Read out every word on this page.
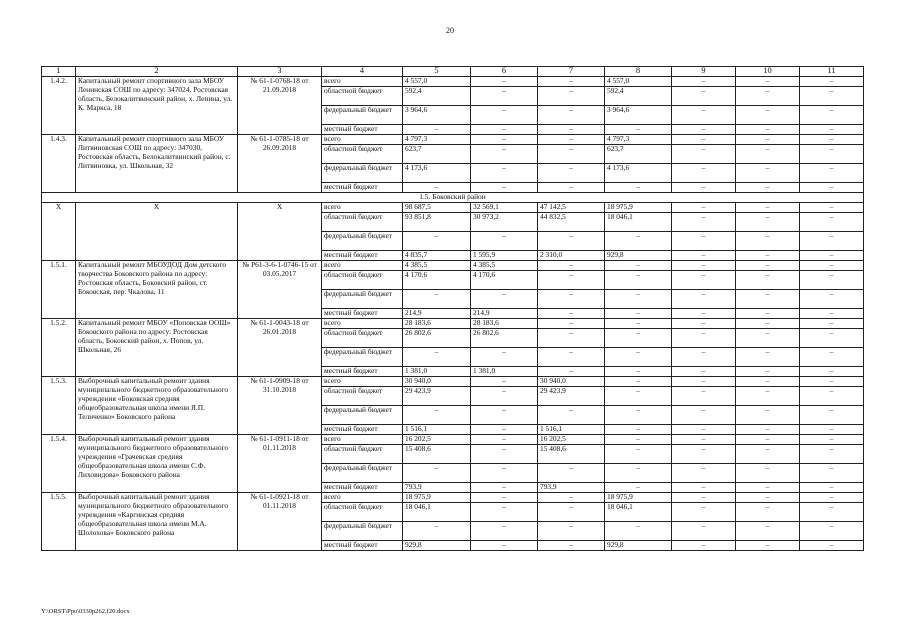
20
1	2	3	4	5	6	7	8	9	10	11
1.4.2.	Капитальный ремонт спортивного зала МБОУ Ленинская СОШ по адресу: 347024, Ростовская область, Белокалитвинский район, х. Ленина, ул. К. Маркса, 18	№ 61-1-0768-18 от 21.09.2018	всего	4 557,0	–	–	4 557,0	–	–	–
			областной бюджет	592,4	–	–	592,4	–	–	–
			федеральный бюджет	3 964,6	–	–	3 964,6	–	–	–
			местный бюджет	–	–	–	–	–	–	–
1.4.3.	Капитальный ремонт спортивного зала МБОУ Литвиновская СОШ по адресу: 347030, Ростовская область, Белокалитвинский район, с. Литвиновка, ул. Школьная, 32	№ 61-1-0785-18 от 26.09.2018	всего	4 797,3	–	–	4 797,3	–	–	–
			областной бюджет	623,7	–	–	623,7	–	–	–
			федеральный бюджет	4 173,6	–	–	4 173,6	–	–	–
			местный бюджет	–	–	–	–	–	–	–
1.5. Боковский район										
X	X	X	всего	98 687,5	32 569,1	47 142,5	18 975,9	–	–	–
			областной бюджет	93 851,8	30 973,2	44 832,5	18 046,1	–	–	–
			федеральный бюджет	–	–	–	–	–	–	–
			местный бюджет	4 835,7	1 595,9	2 310,0	929,8	–	–	–
1.5.1.	Капитальный ремонт МБОУДОД Дом детского творчества Боковского района по адресу: Ростовская область, Боковский район, ст. Боковская, пер. Чкалова, 11	№ Р61-3-6-1-0746-15 от 03.05.2017	всего	4 385,5	4 385,5	–	–	–	–	–
			областной бюджет	4 170,6	4 170,6	–	–	–	–	–
			федеральный бюджет	–	–	–	–	–	–	–
			местный бюджет	214,9	214,9	–	–	–	–	–
1.5.2.	Капитальный ремонт МБОУ «Поповская ООШ» Боковского района по адресу: Ростовская область, Боковский район, х. Попов, ул. Школьная, 26	№ 61-1-0043-18 от 26.01.2018	всего	28 183,6	28 183,6	–	–	–	–	–
			областной бюджет	26 802,6	26 802,6	–	–	–	–	–
			федеральный бюджет	–	–	–	–	–	–	–
			местный бюджет	1 381,0	1 381,0	–	–	–	–	–
1.5.3.	Выборочный капитальный ремонт здания муниципального бюджетного образовательного учреждения «Боковская средняя общеобразовательная школа имени Я.П. Теличенко» Боковского района	№ 61-1-0909-18 от 31.10.2018	всего	30 940,0	–	30 940,0	–	–	–	–
			областной бюджет	29 423,9	–	29 423,9	–	–	–	–
			федеральный бюджет	–	–	–	–	–	–	–
			местный бюджет	1 516,1	–	1 516,1	–	–	–	–
1.5.4.	Выборочный капитальный ремонт здания муниципального бюджетного образовательного учреждения «Грачевская средняя общеобразовательная школа имени С.Ф. Лиховидова» Боковского района	№ 61-1-0911-18 от 01.11.2018	всего	16 202,5	–	16 202,5	–	–	–	–
			областной бюджет	15 408,6	–	15 408,6	–	–	–	–
			федеральный бюджет	–	–	–	–	–	–	–
			местный бюджет	793,9	–	793,9	–	–	–	–
1.5.5.	Выборочный капитальный ремонт здания муниципального бюджетного образовательного учреждения «Каргинская средняя общеобразовательная школа имени М.А. Шолохова» Боковского района	№ 61-1-0921-18 от 01.11.2018	всего	18 975,9	–	–	18 975,9	–	–	–
			областной бюджет	18 046,1	–	–	18 046,1	–	–	–
			федеральный бюджет	–	–	–	–	–	–	–
			местный бюджет	929,8	–	–	929,8	–	–	–
Y:\ORST\Ppo\0330p262.f20.docx
